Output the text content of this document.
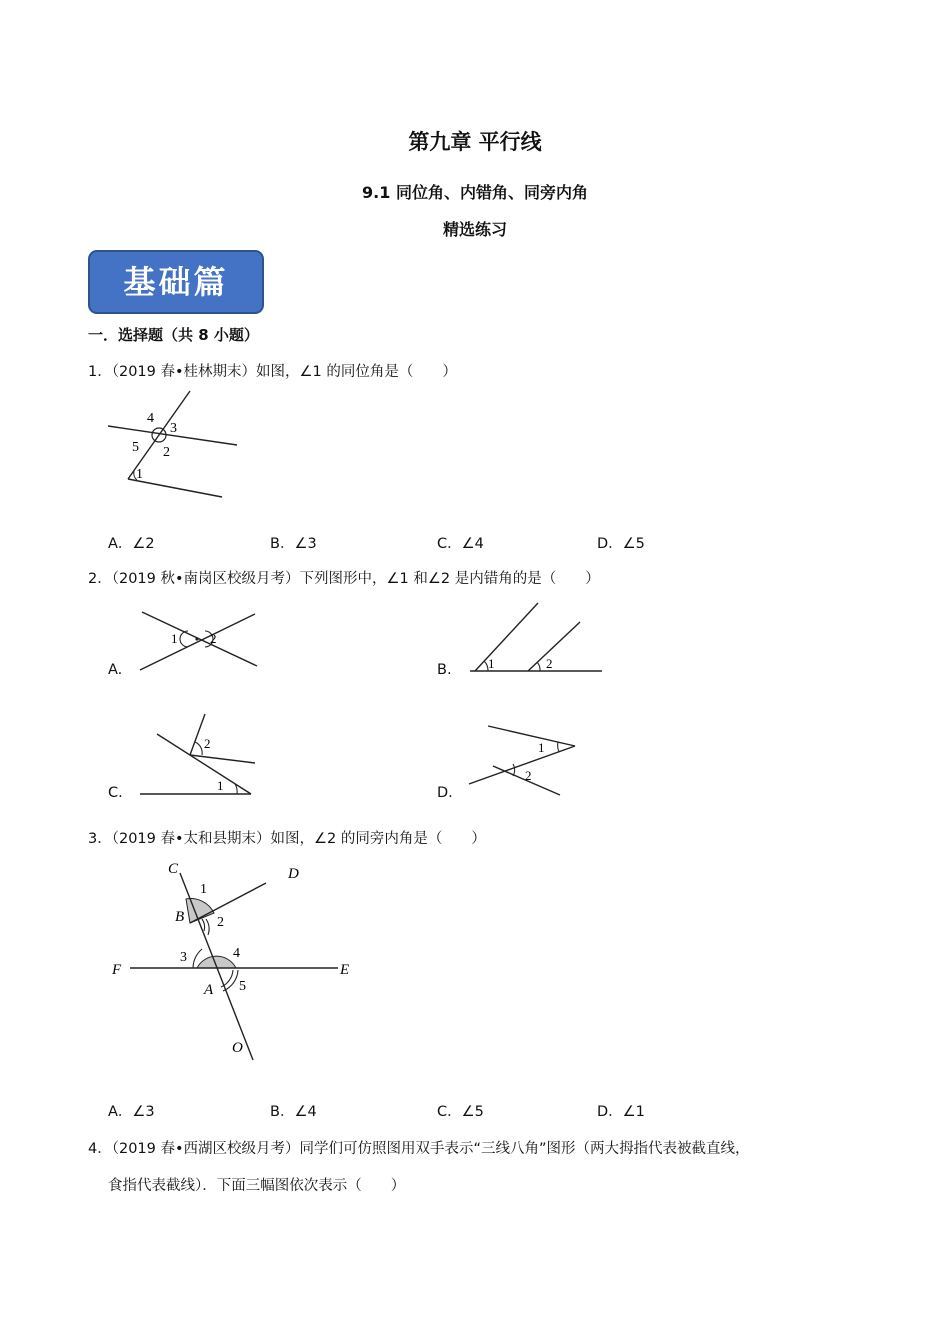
第九章 平行线
9.1 同位角、内错角、同旁内角
精选练习
基础篇
一．选择题（共 8 小题）
1．（2019 春•桂林期末）如图，∠1 的同位角是（　　）
4
3
5 2
1
A．∠2	B．∠3	C．∠4	D．∠5
2．（2019 秋•南岗区校级月考）下列图形中，∠1 和∠2 是内错角的是（　　）
A.
1	2
B.	1	2
C.
2
1	D.
1
2
3．（2019 春•太和县期末）如图，∠2 的同旁内角是（　　）
C	D
1
B 2
3	4
F	E
A 5
O
A．∠3	B．∠4	C．∠5	D．∠1
4．（2019 春•西湖区校级月考）同学们可仿照图用双手表示“三线八角”图形（两大拇指代表被截直线，
食指代表截线）．下面三幅图依次表示（　　）
